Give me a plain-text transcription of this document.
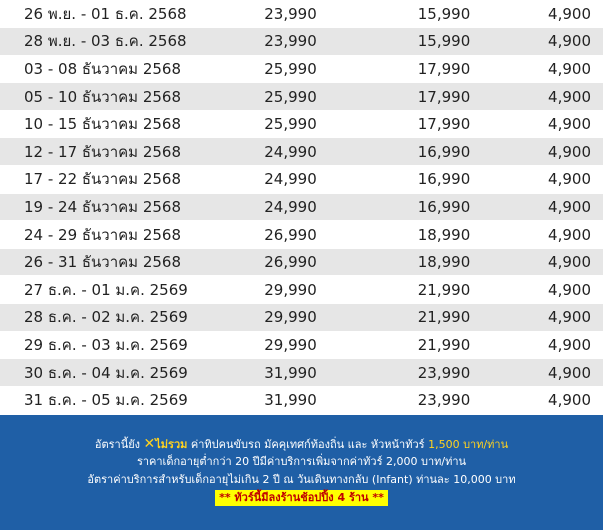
26 พ.ย. - 01 ธ.ค. 2568	23,990	15,990	4,900
28 พ.ย. - 03 ธ.ค. 2568	23,990	15,990	4,900
03 - 08 ธันวาคม 2568	25,990	17,990	4,900
05 - 10 ธันวาคม 2568	25,990	17,990	4,900
10 - 15 ธันวาคม 2568	25,990	17,990	4,900
12 - 17 ธันวาคม 2568	24,990	16,990	4,900
17 - 22 ธันวาคม 2568	24,990	16,990	4,900
19 - 24 ธันวาคม 2568	24,990	16,990	4,900
24 - 29 ธันวาคม 2568	26,990	18,990	4,900
26 - 31 ธันวาคม 2568	26,990	18,990	4,900
27 ธ.ค. - 01 ม.ค. 2569	29,990	21,990	4,900
28 ธ.ค. - 02 ม.ค. 2569	29,990	21,990	4,900
29 ธ.ค. - 03 ม.ค. 2569	29,990	21,990	4,900
30 ธ.ค. - 04 ม.ค. 2569	31,990	23,990	4,900
31 ธ.ค. - 05 ม.ค. 2569	31,990	23,990	4,900
อัตรานี้ยัง ✕ไม่รวม ค่าทิปคนขับรถ มัคคุเทศก์ท้องถิ่น และ หัวหน้าทัวร์ 1,500 บาท/ท่าน
ราคาเด็กอายุต่ำกว่า 20 ปีมีค่าบริการเพิ่มจากค่าทัวร์ 2,000 บาท/ท่าน
อัตราค่าบริการสำหรับเด็กอายุไม่เกิน 2 ปี ณ วันเดินทางกลับ (Infant) ท่านละ 10,000 บาท
** ทัวร์นี้มีลงร้านช้อปปิ้ง 4 ร้าน **
